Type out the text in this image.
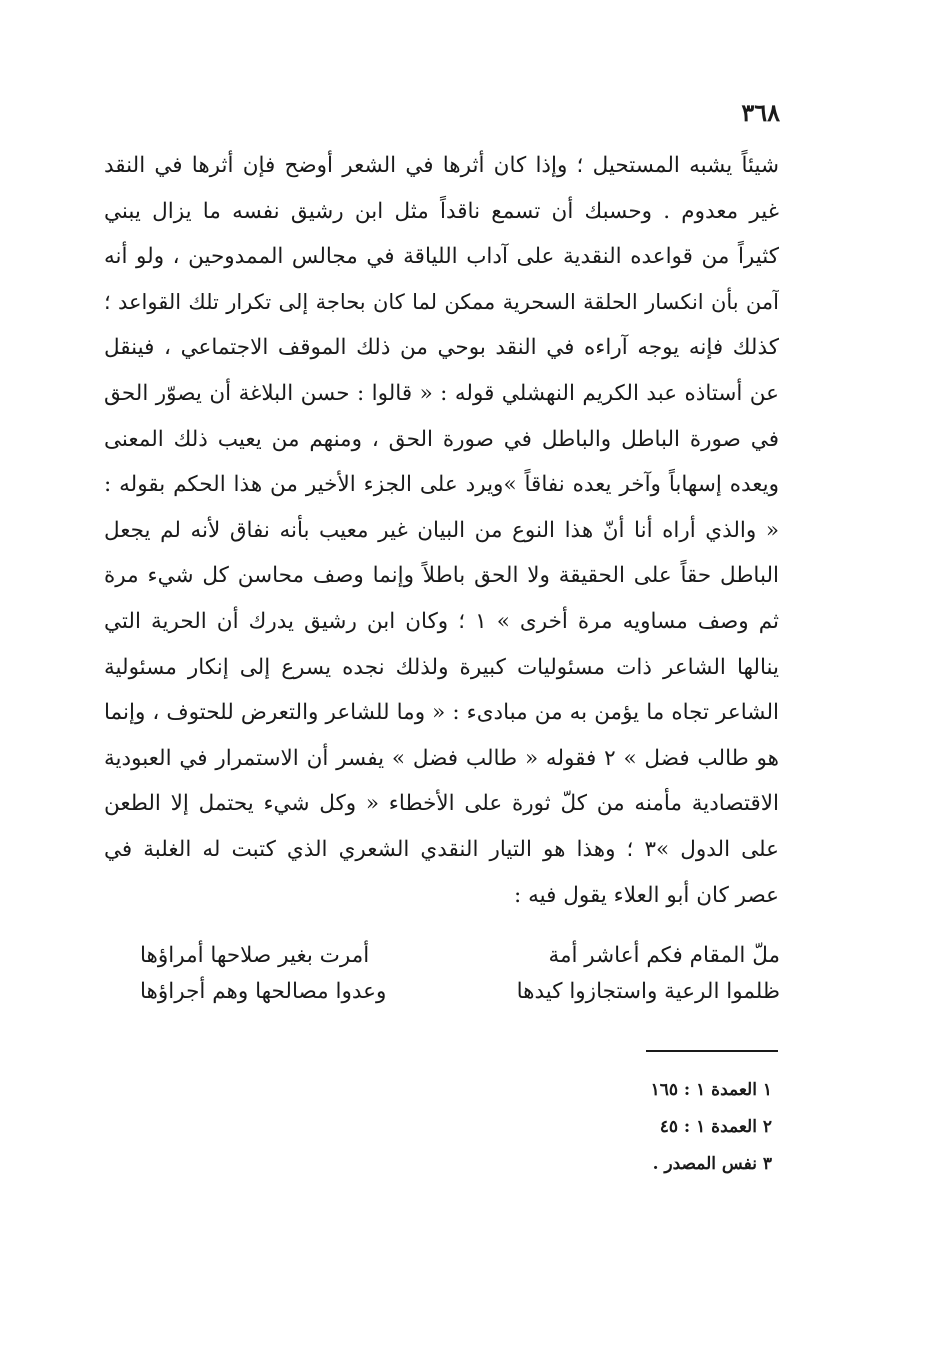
٣٦٨
شيئاً يشبه المستحيل ؛ وإذا كان أثرها في الشعر أوضح فإن أثرها في النقد
غير معدوم . وحسبك أن تسمع ناقداً مثل ابن رشيق نفسه ما يزال يبني
كثيراً من قواعده النقدية على آداب اللياقة في مجالس الممدوحين ، ولو أنه
آمن بأن انكسار الحلقة السحرية ممكن لما كان بحاجة إلى تكرار تلك القواعد ؛
كذلك فإنه يوجه آراءه في النقد بوحي من ذلك الموقف الاجتماعي ، فينقل
عن أستاذه عبد الكريم النهشلي قوله : « قالوا : حسن البلاغة أن يصوّر الحق
في صورة الباطل والباطل في صورة الحق ، ومنهم من يعيب ذلك المعنى
ويعده إسهاباً وآخر يعده نفاقاً »ويرد على الجزء الأخير من هذا الحكم بقوله :
« والذي أراه أنا أنّ هذا النوع من البيان غير معيب بأنه نفاق لأنه لم يجعل
الباطل حقاً على الحقيقة ولا الحق باطلاً وإنما وصف محاسن كل شيء مرة
ثم وصف مساويه مرة أخرى » ١ ؛ وكان ابن رشيق يدرك أن الحرية التي
ينالها الشاعر ذات مسئوليات كبيرة ولذلك نجده يسرع إلى إنكار مسئولية
الشاعر تجاه ما يؤمن به من مبادىء : « وما للشاعر والتعرض للحتوف ، وإنما
هو طالب فضل » ٢ فقوله « طالب فضل » يفسر أن الاستمرار في العبودية
الاقتصادية مأمنه من كلّ ثورة على الأخطاء « وكل شيء يحتمل إلا الطعن
على الدول »٣ ؛ وهذا هو التيار النقدي الشعري الذي كتبت له الغلبة في
عصر كان أبو العلاء يقول فيه :
ملّ المقام فكم أعاشر أمة
أمرت بغير صلاحها أمراؤها
ظلموا الرعية واستجازوا كيدها
وعدوا مصالحها وهم أجراؤها
١ العمدة ١ : ١٦٥
٢ العمدة ١ : ٤٥
٣ نفس المصدر .
